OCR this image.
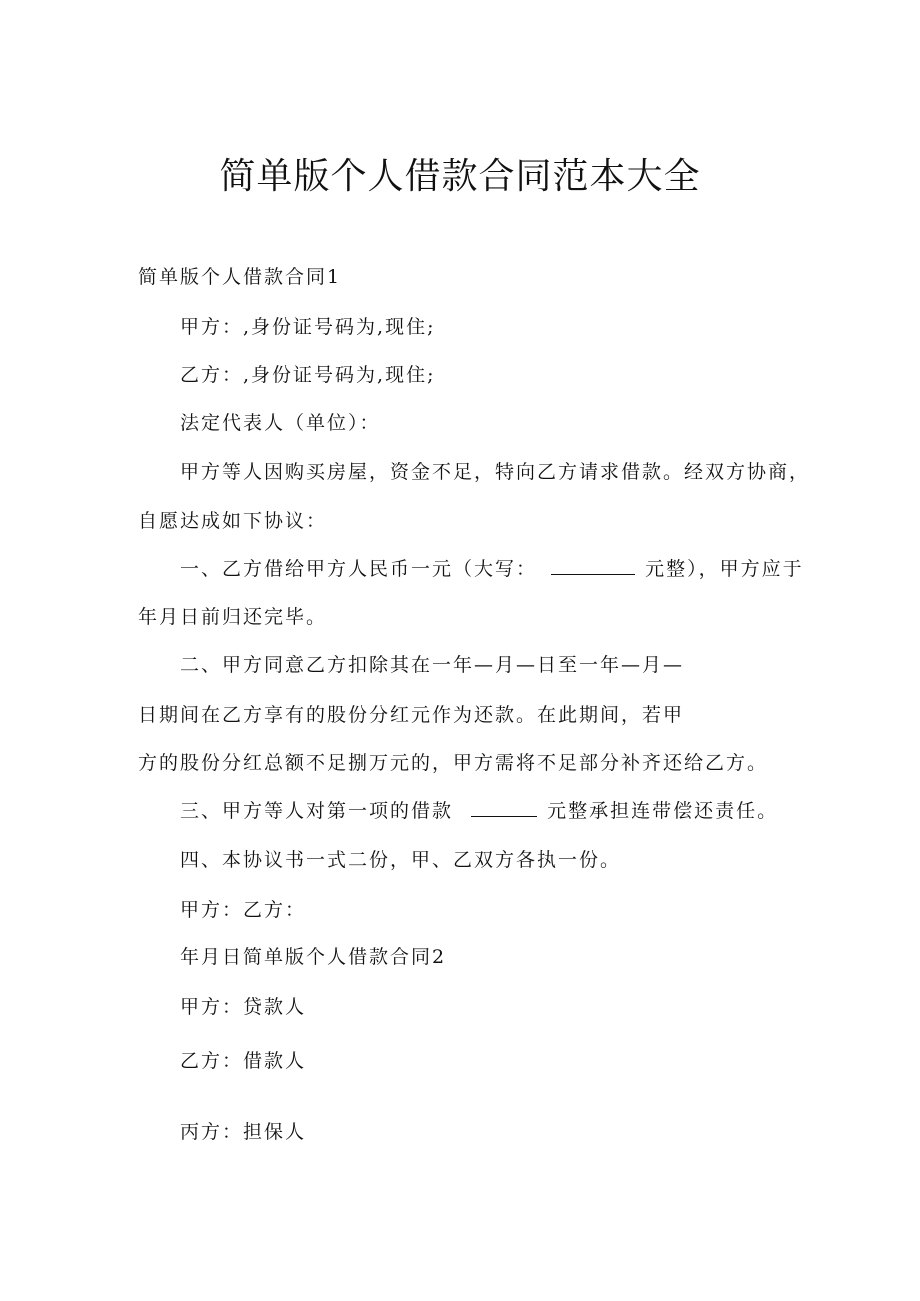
简单版个人借款合同范本大全
简单版个人借款合同1
甲方：,身份证号码为,现住;
乙方：,身份证号码为,现住;
法定代表人（单位）：
甲方等人因购买房屋，资金不足，特向乙方请求借款。经双方协商，
自愿达成如下协议：
一、乙方借给甲方人民币一元（大写：	元整），甲方应于
年月日前归还完毕。
二、甲方同意乙方扣除其在一年—月—日至一年—月—
日期间在乙方享有的股份分红元作为还款。在此期间，若甲
方的股份分红总额不足捌万元的，甲方需将不足部分补齐还给乙方。
三、甲方等人对第一项的借款	元整承担连带偿还责任。
四、本协议书一式二份，甲、乙双方各执一份。
甲方：乙方：
年月日简单版个人借款合同2
甲方：贷款人
乙方：借款人
丙方：担保人
